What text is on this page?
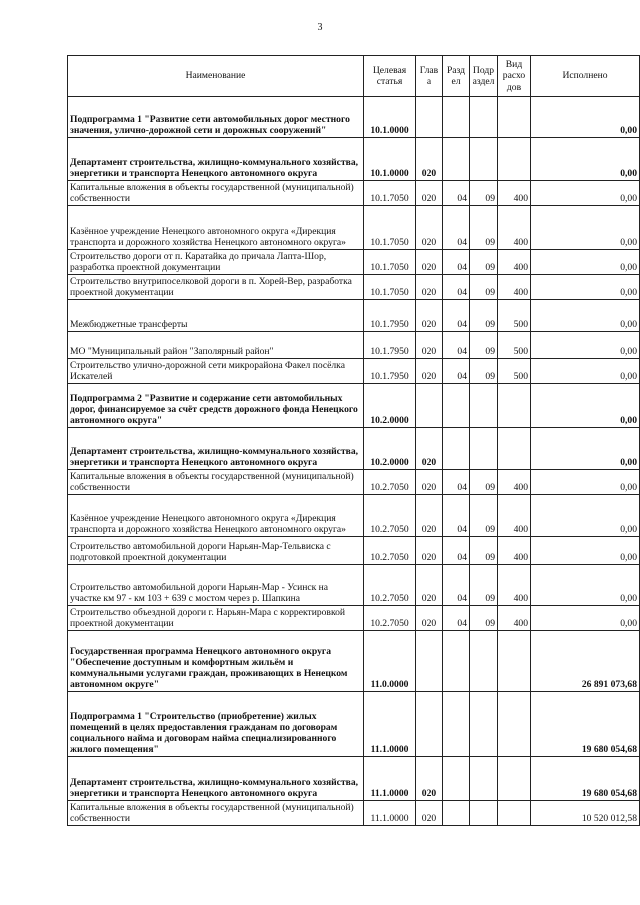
3
Наименование	Целевая статья	Глав а	Разд ел	Подр аздел	Вид расхо дов	Исполнено
Подпрограмма 1 "Развитие сети автомобильных дорог местного значения, улично-дорожной сети и дорожных сооружений"	10.1.0000					0,00
Департамент строительства, жилищно-коммунального хозяйства, энергетики и транспорта Ненецкого автономного округа	10.1.0000	020				0,00
Капитальные вложения в объекты государственной (муниципальной) собственности	10.1.7050	020	04	09	400	0,00
Казённое учреждение Ненецкого автономного округа «Дирекция транспорта и дорожного хозяйства Ненецкого автономного округа»	10.1.7050	020	04	09	400	0,00
Строительство дороги от п. Каратайка до причала Лапта-Шор, разработка проектной документации	10.1.7050	020	04	09	400	0,00
Строительство внутрипоселковой дороги в п. Хорей-Вер, разработка проектной документации	10.1.7050	020	04	09	400	0,00
Межбюджетные трансферты	10.1.7950	020	04	09	500	0,00
МО "Муниципальный район "Заполярный район"	10.1.7950	020	04	09	500	0,00
Строительство улично-дорожной сети микрорайона Факел посёлка Искателей	10.1.7950	020	04	09	500	0,00
Подпрограмма 2 "Развитие и содержание сети автомобильных дорог, финансируемое за счёт средств дорожного фонда Ненецкого автономного округа"	10.2.0000					0,00
Департамент строительства, жилищно-коммунального хозяйства, энергетики и транспорта Ненецкого автономного округа	10.2.0000	020				0,00
Капитальные вложения в объекты государственной (муниципальной) собственности	10.2.7050	020	04	09	400	0,00
Казённое учреждение Ненецкого автономного округа «Дирекция транспорта и дорожного хозяйства Ненецкого автономного округа»	10.2.7050	020	04	09	400	0,00
Строительство автомобильной дороги Нарьян-Мар-Тельвиска с подготовкой проектной документации	10.2.7050	020	04	09	400	0,00
Строительство автомобильной дороги Нарьян-Мар - Усинск на участке км 97 - км 103 + 639 с мостом через р. Шапкина	10.2.7050	020	04	09	400	0,00
Строительство объездной дороги г. Нарьян-Мара с корректировкой проектной документации	10.2.7050	020	04	09	400	0,00
Государственная программа Ненецкого автономного округа "Обеспечение доступным и комфортным жильём и коммунальными услугами граждан, проживающих в Ненецком автономном округе"	11.0.0000					26 891 073,68
Подпрограмма 1 "Строительство (приобретение) жилых помещений в целях предоставления гражданам по договорам социального найма и договорам найма специализированного жилого помещения"	11.1.0000					19 680 054,68
Департамент строительства, жилищно-коммунального хозяйства, энергетики и транспорта Ненецкого автономного округа	11.1.0000	020				19 680 054,68
Капитальные вложения в объекты государственной (муниципальной) собственности	11.1.0000	020				10 520 012,58
